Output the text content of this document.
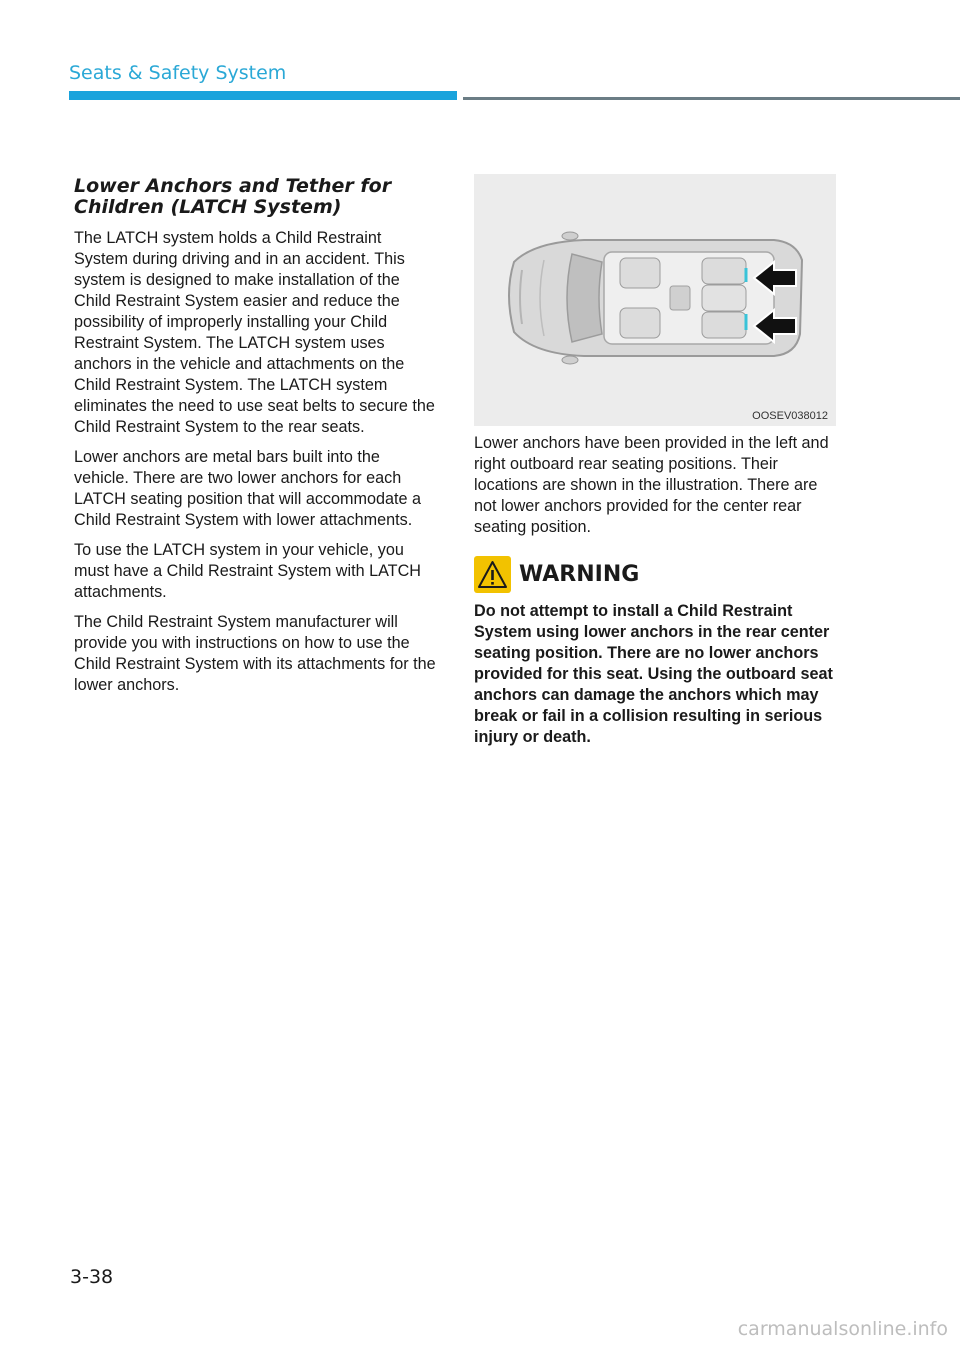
Seats & Safety System
Lower Anchors and Tether for Children (LATCH System)

The LATCH system holds a Child Restraint System during driving and in an accident. This system is designed to make installation of the Child Restraint System easier and reduce the possibility of improperly installing your Child Restraint System. The LATCH system uses anchors in the vehicle and attachments on the Child Restraint System. The LATCH system eliminates the need to use seat belts to secure the Child Restraint System to the rear seats.

Lower anchors are metal bars built into the vehicle. There are two lower anchors for each LATCH seating position that will accommodate a Child Restraint System with lower attachments.

To use the LATCH system in your vehicle, you must have a Child Restraint System with LATCH attachments.

The Child Restraint System manufacturer will provide you with instructions on how to use the Child Restraint System with its attachments for the lower anchors.

OOSEV038012

Lower anchors have been provided in the left and right outboard rear seating positions. Their locations are shown in the illustration. There are not lower anchors provided for the center rear seating position.

WARNING

Do not attempt to install a Child Restraint System using lower anchors in the rear center seating position. There are no lower anchors provided for this seat. Using the outboard seat anchors can damage the anchors which may break or fail in a collision resulting in serious injury or death.

3-38
carmanualsonline.info
